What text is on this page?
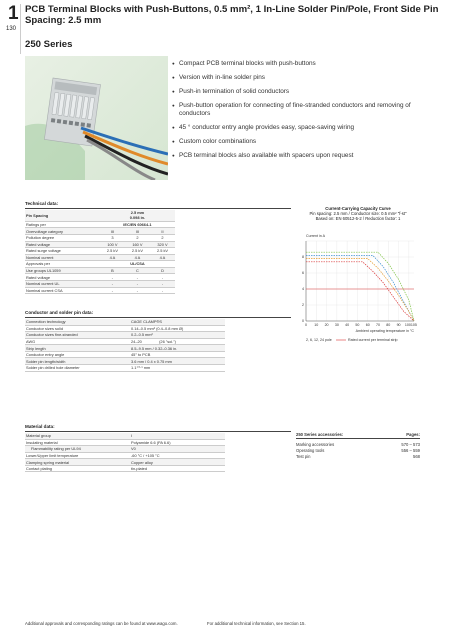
1
130
PCB Terminal Blocks with Push-Buttons, 0.5 mm², 1 In-Line Solder Pin/Pole, Front Side Pin Spacing: 2.5 mm
250 Series
● Compact PCB terminal blocks with push-buttons
● Version with in-line solder pins
● Push-in termination of solid conductors
● Push-button operation for connecting of fine-stranded conductors and removing of conductors
● 45 ° conductor entry angle provides easy, space-saving wiring
● Custom color combinations
● PCB terminal blocks also available with spacers upon request
Technical data:
Pin Spacing	2.5 mm
0.098 in.		
Ratings per	IEC/EN 60664-1		
Overvoltage category	III	III	II
Pollution degree	3	2	2
Rated voltage	100 V	160 V	320 V
Rated surge voltage	2.5 kV	2.5 kV	2.5 kV
Nominal current	4 A	4 A	4 A
Approvals per	UL/CSA		
Use groups UL1059	B	C	D
Rated voltage	-	-	-
Nominal current UL	-	-	-
Nominal current CSA	-	-	-
Current-Carrying Capacity Curve
Pin spacing: 2.5 mm / Conductor size: 0.5 mm² "f-st"
Based on: EN 60512-5-2 / Reduction factor: 1
Current in A
0
2
4
6
8
0 10 20 30 40 50 60 70 80 90 100105
Ambient operating temperature in °C
2, 6, 12, 24 pole	Rated current per terminal strip
Conductor and solder pin data:
Connection technology	CAGE CLAMP®S
Conductor sizes solid	0.14–0.5 mm² (0.4–0.8 mm Ø)
Conductor sizes fine-stranded	0.2–0.5 mm²
AWG	24–20                (26 "sol.")
Strip length	8.5–9.5 mm / 0.32–0.36 in.
Conductor entry angle	45° to PCB
Solder pin length/width	3.6 mm / 0.4 x 0.75 mm
Solder pin drilled hole diameter	1.1⁺⁰·¹ mm
Material data:
Material group	I
Insulating material	Polyamide 6.6 (PA 6.6)
Flammability rating per UL94	V0
Lower/Upper limit temperature	-60 °C / +105 °C
Clamping spring material	Copper alloy
Contact plating	tin-plated
250 Series accessories:	Pages:
Marking accessories	570 – 573
Operating tools	556 – 559
Test pin	568
Additional approvals and corresponding ratings can be found at www.wago.com.	For additional technical information, see Section 15.
